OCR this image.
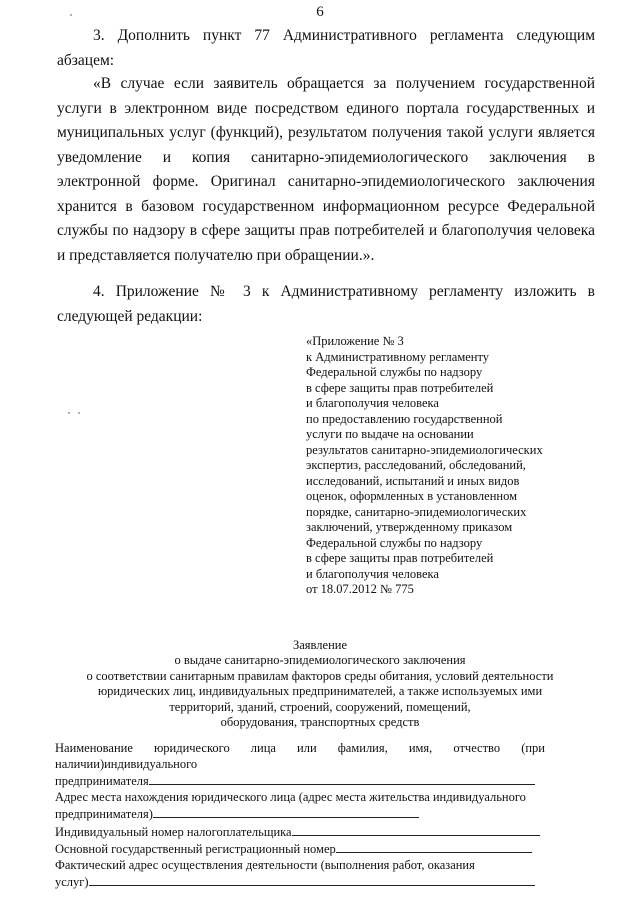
6
3. Дополнить пункт 77 Административного регламента следующим абзацем:
«В случае если заявитель обращается за получением государственной услуги в электронном виде посредством единого портала государственных и муниципальных услуг (функций), результатом получения такой услуги является уведомление и копия санитарно-эпидемиологического заключения в электронной форме. Оригинал санитарно-эпидемиологического заключения хранится в базовом государственном информационном ресурсе Федеральной службы по надзору в сфере защиты прав потребителей и благополучия человека и представляется получателю при обращении.».
4. Приложение № 3 к Административному регламенту изложить в следующей редакции:
«Приложение № 3
к Административному регламенту
Федеральной службы по надзору
в сфере защиты прав потребителей
и благополучия человека
по предоставлению государственной
услуги по выдаче на основании
результатов санитарно-эпидемиологических
экспертиз, расследований, обследований,
исследований, испытаний и иных видов
оценок, оформленных в установленном
порядке, санитарно-эпидемиологических
заключений, утвержденному приказом
Федеральной службы по надзору
в сфере защиты прав потребителей
и благополучия человека
от 18.07.2012 № 775
Заявление
о выдаче санитарно-эпидемиологического заключения
о соответствии санитарным правилам факторов среды обитания, условий деятельности
юридических лиц, индивидуальных предпринимателей, а также используемых ими
территорий, зданий, строений, сооружений, помещений,
оборудования, транспортных средств
Наименование юридического лица или фамилия, имя, отчество (при наличии)индивидуального
предпринимателя
Адрес места нахождения юридического лица (адрес места жительства индивидуального
предпринимателя)
Индивидуальный номер налогоплательщика
Основной государственный регистрационный номер
Фактический адрес осуществления деятельности (выполнения работ, оказания
услуг)
